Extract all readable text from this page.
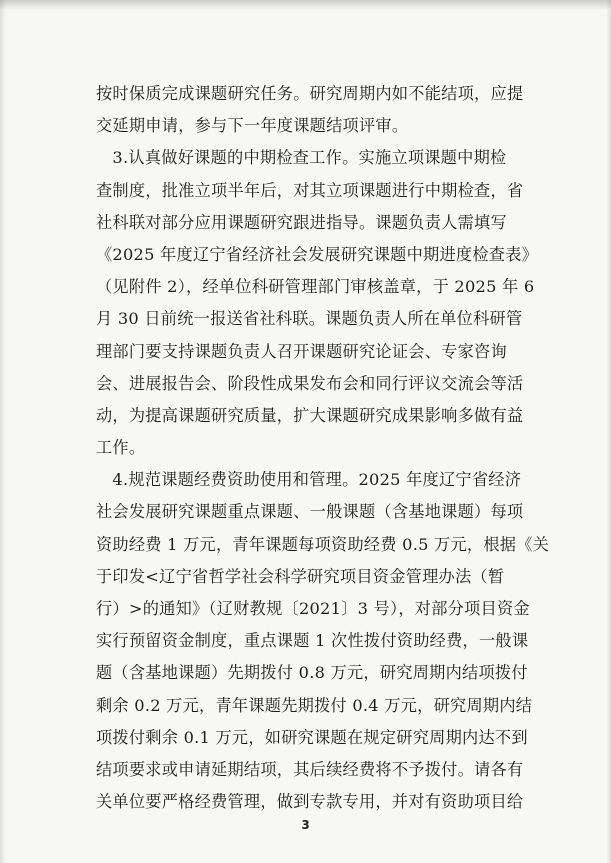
按时保质完成课题研究任务。研究周期内如不能结项，应提
交延期申请，参与下一年度课题结项评审。
　3.认真做好课题的中期检查工作。实施立项课题中期检
查制度，批准立项半年后，对其立项课题进行中期检查，省
社科联对部分应用课题研究跟进指导。课题负责人需填写
《2025 年度辽宁省经济社会发展研究课题中期进度检查表》
（见附件 2），经单位科研管理部门审核盖章，于 2025 年 6
月 30 日前统一报送省社科联。课题负责人所在单位科研管
理部门要支持课题负责人召开课题研究论证会、专家咨询
会、进展报告会、阶段性成果发布会和同行评议交流会等活
动，为提高课题研究质量，扩大课题研究成果影响多做有益
工作。
　4.规范课题经费资助使用和管理。2025 年度辽宁省经济
社会发展研究课题重点课题、一般课题（含基地课题）每项
资助经费 1 万元，青年课题每项资助经费 0.5 万元，根据《关
于印发<辽宁省哲学社会科学研究项目资金管理办法（暂
行）>的通知》（辽财教规〔2021〕3 号），对部分项目资金
实行预留资金制度，重点课题 1 次性拨付资助经费，一般课
题（含基地课题）先期拨付 0.8 万元，研究周期内结项拨付
剩余 0.2 万元，青年课题先期拨付 0.4 万元，研究周期内结
项拨付剩余 0.1 万元，如研究课题在规定研究周期内达不到
结项要求或申请延期结项，其后续经费将不予拨付。请各有
关单位要严格经费管理，做到专款专用，并对有资助项目给
3
